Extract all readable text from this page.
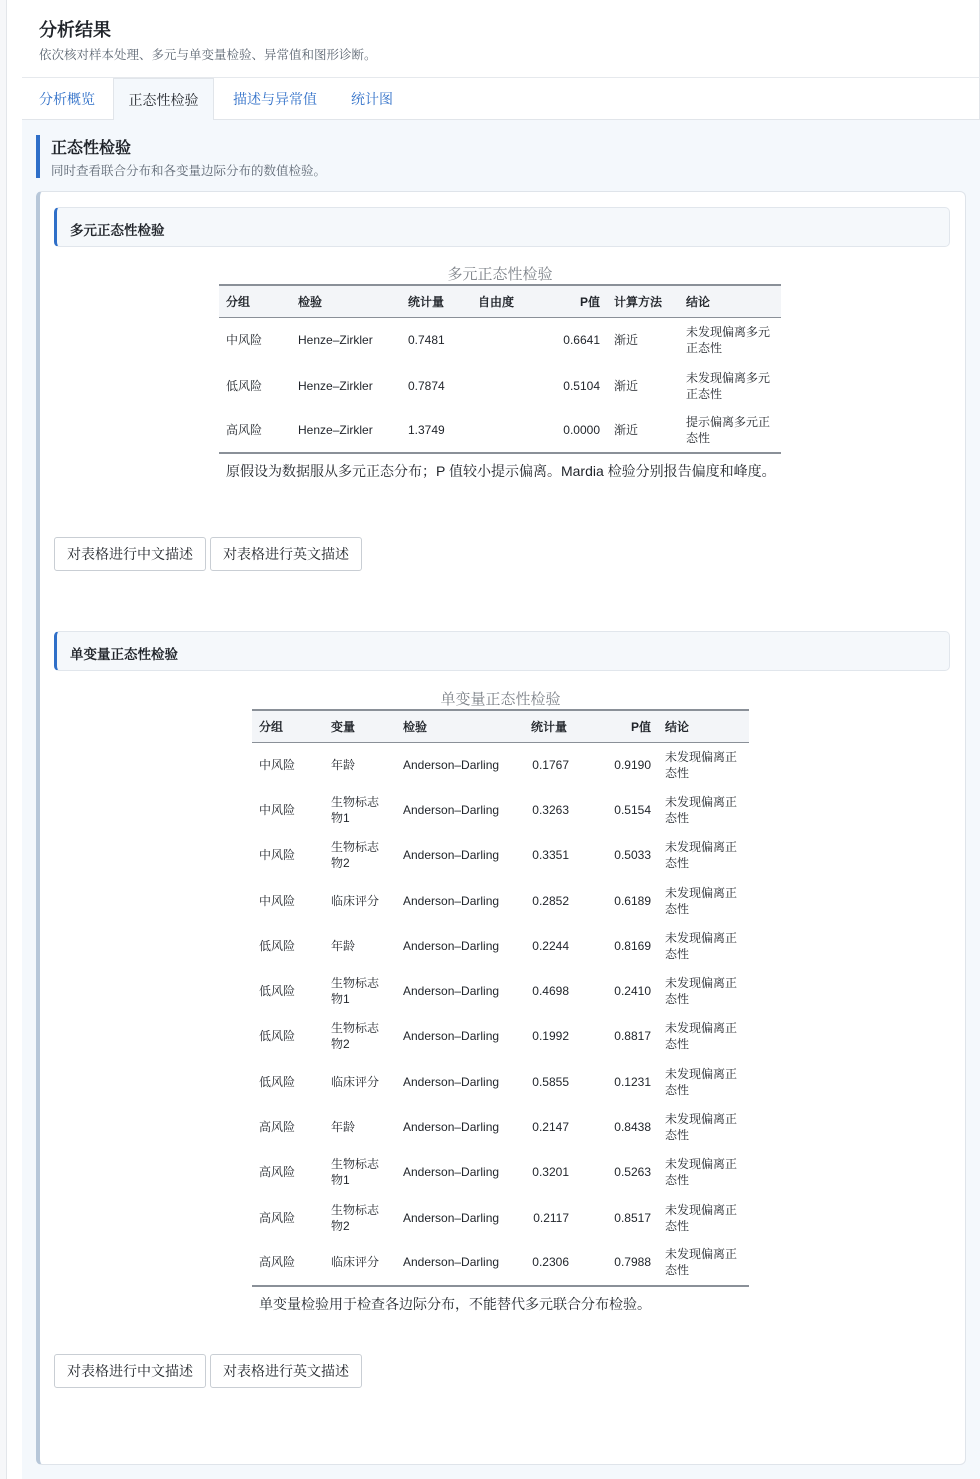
分析结果
依次核对样本处理、多元与单变量检验、异常值和图形诊断。
分析概览	正态性检验	描述与异常值	统计图
正态性检验
同时查看联合分布和各变量边际分布的数值检验。
多元正态性检验
多元正态性检验
分组	检验	统计量	自由度	P值	计算方法	结论
中风险	Henze–Zirkler	0.7481		0.6641	渐近	未发现偏离多元正态性
低风险	Henze–Zirkler	0.7874		0.5104	渐近	未发现偏离多元正态性
高风险	Henze–Zirkler	1.3749		0.0000	渐近	提示偏离多元正态性
原假设为数据服从多元正态分布；P 值较小提示偏离。Mardia 检验分别报告偏度和峰度。
对表格进行中文描述	对表格进行英文描述
单变量正态性检验
单变量正态性检验
分组	变量	检验	统计量	P值	结论
中风险	年龄	Anderson–Darling	0.1767	0.9190	未发现偏离正态性
中风险	生物标志物1	Anderson–Darling	0.3263	0.5154	未发现偏离正态性
中风险	生物标志物2	Anderson–Darling	0.3351	0.5033	未发现偏离正态性
中风险	临床评分	Anderson–Darling	0.2852	0.6189	未发现偏离正态性
低风险	年龄	Anderson–Darling	0.2244	0.8169	未发现偏离正态性
低风险	生物标志物1	Anderson–Darling	0.4698	0.2410	未发现偏离正态性
低风险	生物标志物2	Anderson–Darling	0.1992	0.8817	未发现偏离正态性
低风险	临床评分	Anderson–Darling	0.5855	0.1231	未发现偏离正态性
高风险	年龄	Anderson–Darling	0.2147	0.8438	未发现偏离正态性
高风险	生物标志物1	Anderson–Darling	0.3201	0.5263	未发现偏离正态性
高风险	生物标志物2	Anderson–Darling	0.2117	0.8517	未发现偏离正态性
高风险	临床评分	Anderson–Darling	0.2306	0.7988	未发现偏离正态性
单变量检验用于检查各边际分布，不能替代多元联合分布检验。
对表格进行中文描述	对表格进行英文描述
